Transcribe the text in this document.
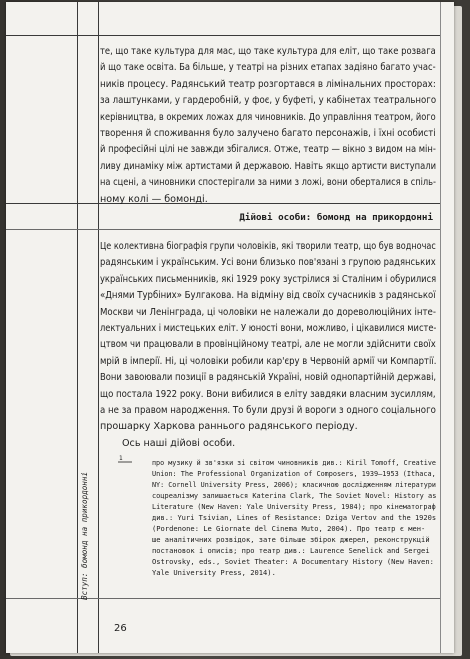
те, що таке культура для мас, що таке культура для еліт, що таке розвага
й що таке освіта. Ба більше, у театрі на різних етапах задіяно багато учас-
ників процесу. Радянський театр розгортався в лімінальних просторах:
за лаштунками, у гардеробній, у фоє, у буфеті, у кабінетах театрального
керівництва, в окремих ложах для чиновників. До управління театром, його
творення й споживання було залучено багато персонажів, і їхні особисті
й професійні цілі не завжди збігалися. Отже, театр — вікно з видом на мін-
ливу динаміку між артистами й державою. Навіть якщо артисти виступали
на сцені, а чиновники спостерігали за ними з ложі, вони оберталися в спіль-
ному колі — бомонді.
Дійові особи: бомонд на прикордонні
Це колективна біографія групи чоловіків, які творили театр, що був водночас
радянським і українським. Усі вони близько пов'язані з групою радянських
українських письменників, які 1929 року зустрілися зі Сталіним і обурилися
«Днями Турбіних» Булгакова. На відміну від своїх сучасників з радянської
Москви чи Ленінграда, ці чоловіки не належали до дореволюційних інте-
лектуальних і мистецьких еліт. У юності вони, можливо, і цікавилися мисте-
цтвом чи працювали в провінційному театрі, але не могли здійснити своїх
мрій в імперії. Ні, ці чоловіки робили кар'єру в Червоній армії чи Компартії.
Вони завоювали позиції в радянській Україні, новій однопартійній державі,
що постала 1922 року. Вони вибилися в еліту завдяки власним зусиллям,
а не за правом народження. То були друзі й вороги з одного соціального
прошарку Харкова раннього радянського періоду.
Ось наші дійові особи.
1	про музику й зв'язки зі світом чиновників див.: Kiril Tomoff, Creative
Union: The Professional Organization of Composers, 1939–1953 (Ithaca,
NY: Cornell University Press, 2006); класичною дослідженням літератури
соцреалізму залишається Katerina Clark, The Soviet Novel: History as
Literature (New Haven: Yale University Press, 1984); про кінематограф
див.: Yuri Tsivian, Lines of Resistance: Dziga Vertov and the 1920s
(Pordenone: Le Giornate del Cinema Muto, 2004). Про театр є мен-
ше аналітичних розвідок, зате більше збірок джерел, реконструкцій
постановок і описів; про театр див.: Laurence Senelick and Sergei
Ostrovsky, eds., Soviet Theater: A Documentary History (New Haven:
Yale University Press, 2014).
Вступ: бомонд на прикордонні
26
